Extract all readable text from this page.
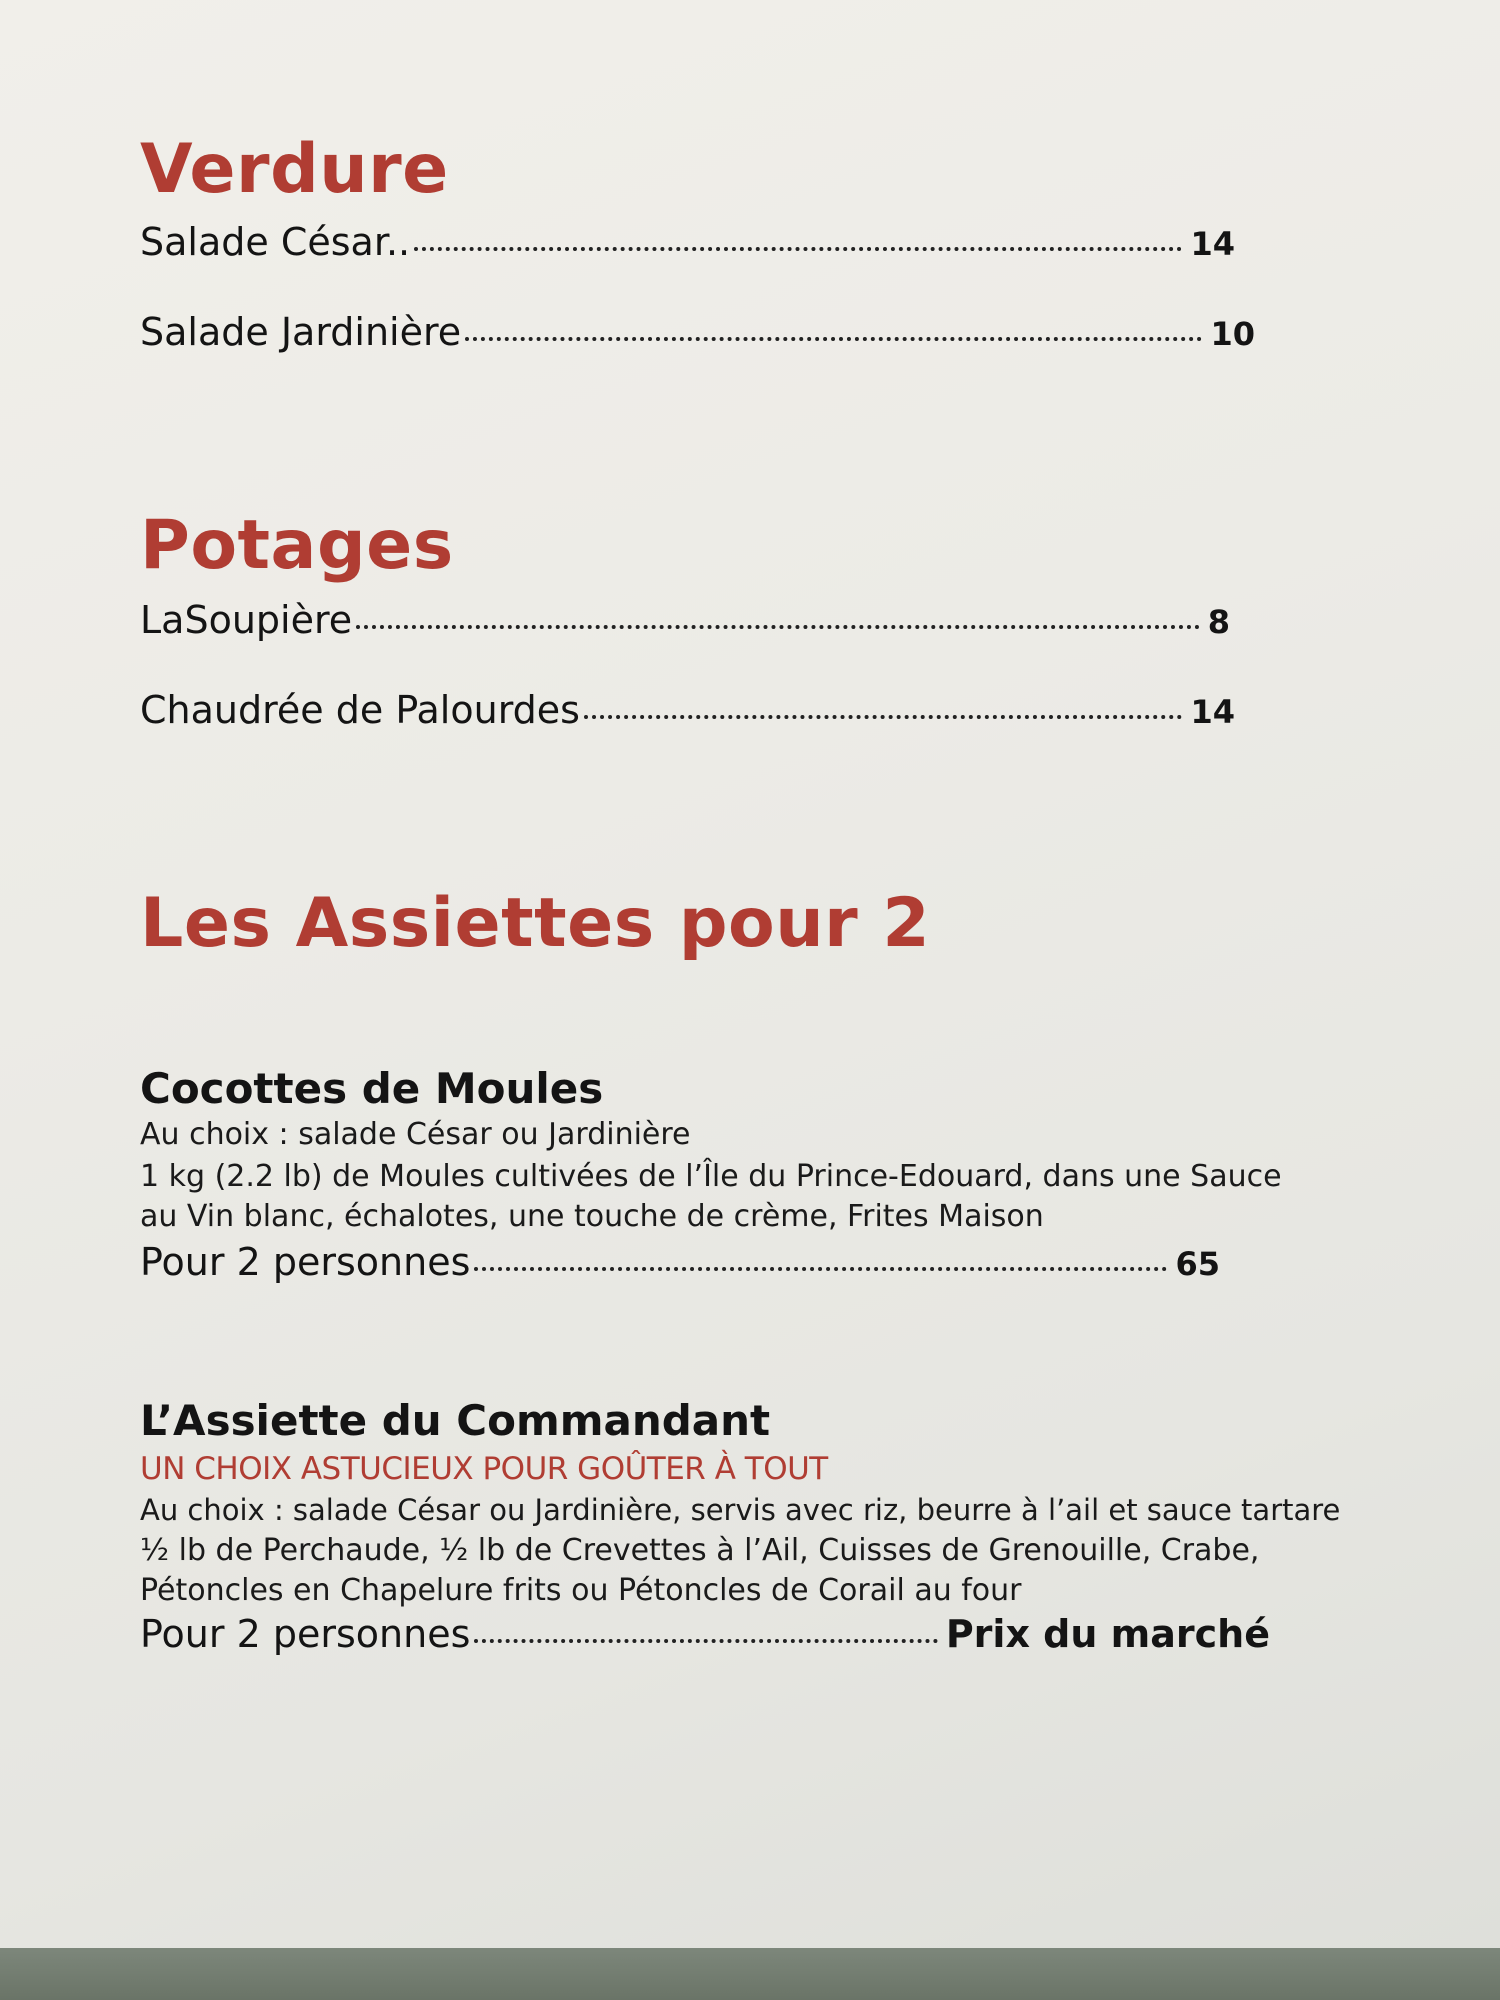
Verdure
Salade César..	14
Salade Jardinière	10
Potages
LaSoupière	8
Chaudrée de Palourdes	14
Les Assiettes pour 2
Cocottes de Moules
Au choix : salade César ou Jardinière
1 kg (2.2 lb) de Moules cultivées de l’Île du Prince-Edouard, dans une Sauce
au Vin blanc, échalotes, une touche de crème, Frites Maison
Pour 2 personnes	65
L’Assiette du Commandant
UN CHOIX ASTUCIEUX POUR GOÛTER À TOUT
Au choix : salade César ou Jardinière, servis avec riz, beurre à l’ail et sauce tartare
½ lb de Perchaude, ½ lb de Crevettes à l’Ail, Cuisses de Grenouille, Crabe,
Pétoncles en Chapelure frits ou Pétoncles de Corail au four
Pour 2 personnes	Prix du marché
